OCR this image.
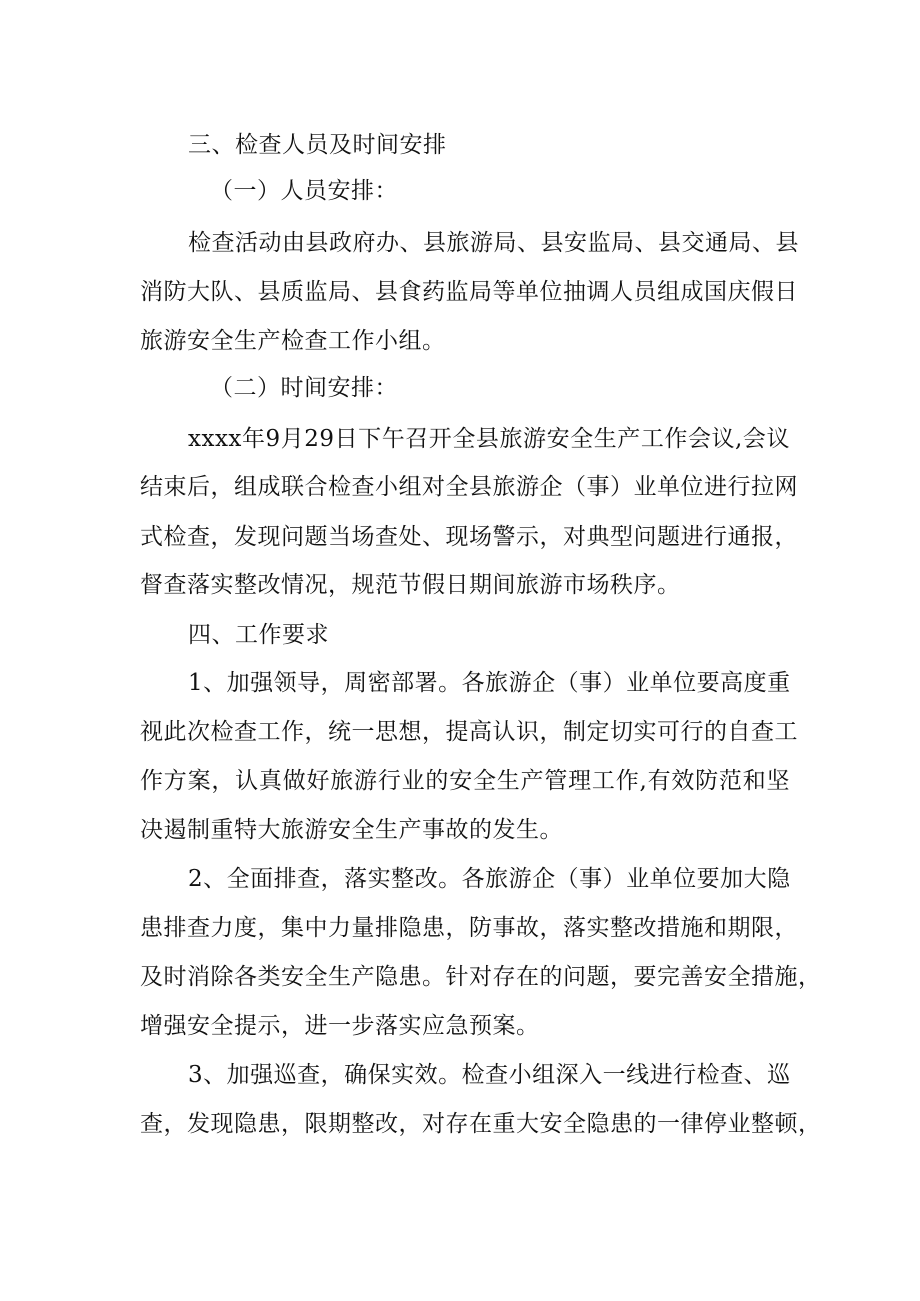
三、检查人员及时间安排
（一）人员安排：
检查活动由县政府办、县旅游局、县安监局、县交通局、县
消防大队、县质监局、县食药监局等单位抽调人员组成国庆假日
旅游安全生产检查工作小组。
（二）时间安排：
xxxx年9月29日下午召开全县旅游安全生产工作会议,会议
结束后，组成联合检查小组对全县旅游企（事）业单位进行拉网
式检查，发现问题当场查处、现场警示，对典型问题进行通报，
督查落实整改情况，规范节假日期间旅游市场秩序。
四、工作要求
1、加强领导，周密部署。各旅游企（事）业单位要高度重
视此次检查工作，统一思想，提高认识，制定切实可行的自查工
作方案，认真做好旅游行业的安全生产管理工作,有效防范和坚
决遏制重特大旅游安全生产事故的发生。
2、全面排查，落实整改。各旅游企（事）业单位要加大隐
患排查力度，集中力量排隐患，防事故，落实整改措施和期限，
及时消除各类安全生产隐患。针对存在的问题，要完善安全措施，
增强安全提示，进一步落实应急预案。
3、加强巡查，确保实效。检查小组深入一线进行检查、巡
查，发现隐患，限期整改，对存在重大安全隐患的一律停业整顿，
